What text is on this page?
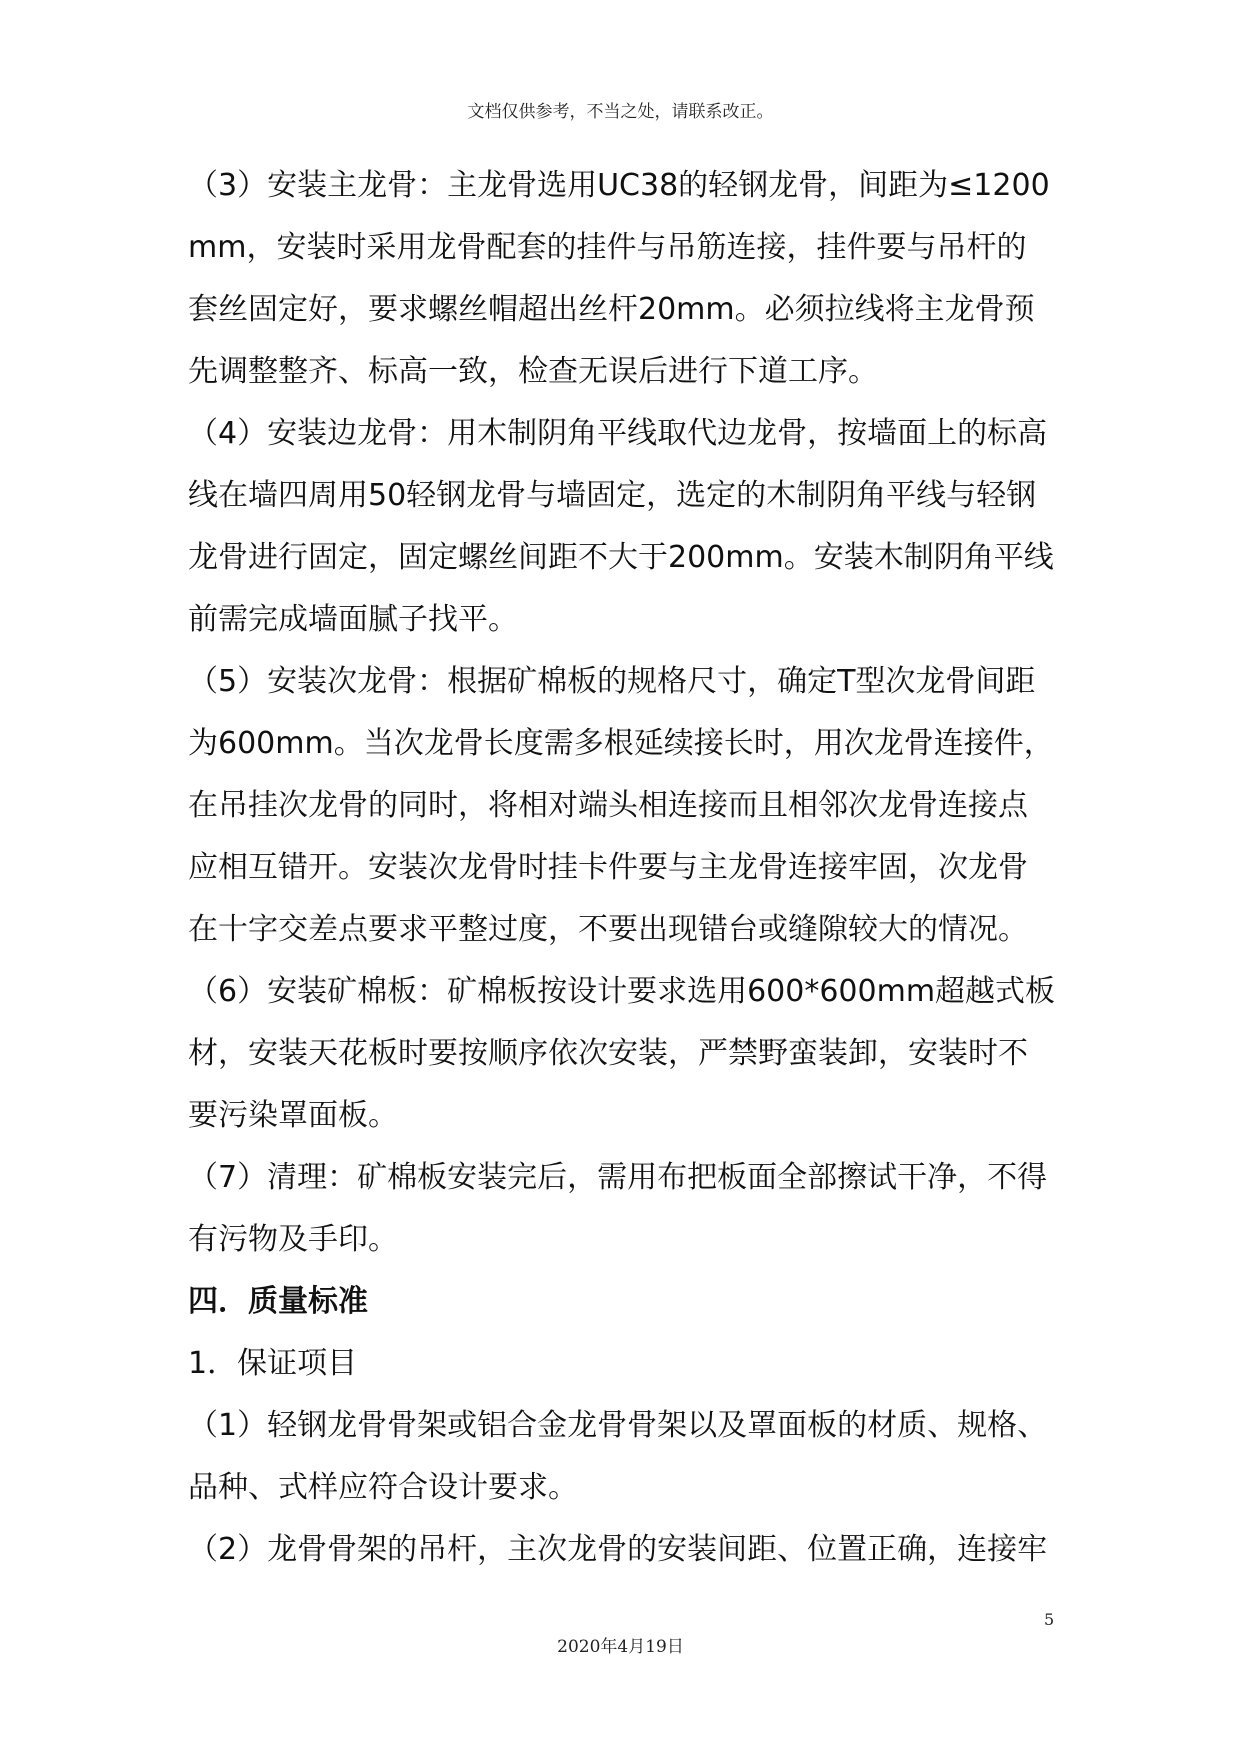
文档仅供参考，不当之处，请联系改正。
（3）安装主龙骨：主龙骨选用UC38的轻钢龙骨，间距为≤1200
mm，安装时采用龙骨配套的挂件与吊筋连接，挂件要与吊杆的
套丝固定好，要求螺丝帽超出丝杆20mm。必须拉线将主龙骨预
先调整整齐、标高一致，检查无误后进行下道工序。
（4）安装边龙骨：用木制阴角平线取代边龙骨，按墙面上的标高
线在墙四周用50轻钢龙骨与墙固定，选定的木制阴角平线与轻钢
龙骨进行固定，固定螺丝间距不大于200mm。安装木制阴角平线
前需完成墙面腻子找平。
（5）安装次龙骨：根据矿棉板的规格尺寸，确定T型次龙骨间距
为600mm。当次龙骨长度需多根延续接长时，用次龙骨连接件，
在吊挂次龙骨的同时，将相对端头相连接而且相邻次龙骨连接点
应相互错开。安装次龙骨时挂卡件要与主龙骨连接牢固，次龙骨
在十字交差点要求平整过度，不要出现错台或缝隙较大的情况。
（6）安装矿棉板：矿棉板按设计要求选用600*600mm超越式板
材，安装天花板时要按顺序依次安装，严禁野蛮装卸，安装时不
要污染罩面板。
（7）清理：矿棉板安装完后，需用布把板面全部擦试干净，不得
有污物及手印。
四．质量标准
1．保证项目
（1）轻钢龙骨骨架或铝合金龙骨骨架以及罩面板的材质、规格、
品种、式样应符合设计要求。
（2）龙骨骨架的吊杆，主次龙骨的安装间距、位置正确，连接牢
5
2020年4月19日
